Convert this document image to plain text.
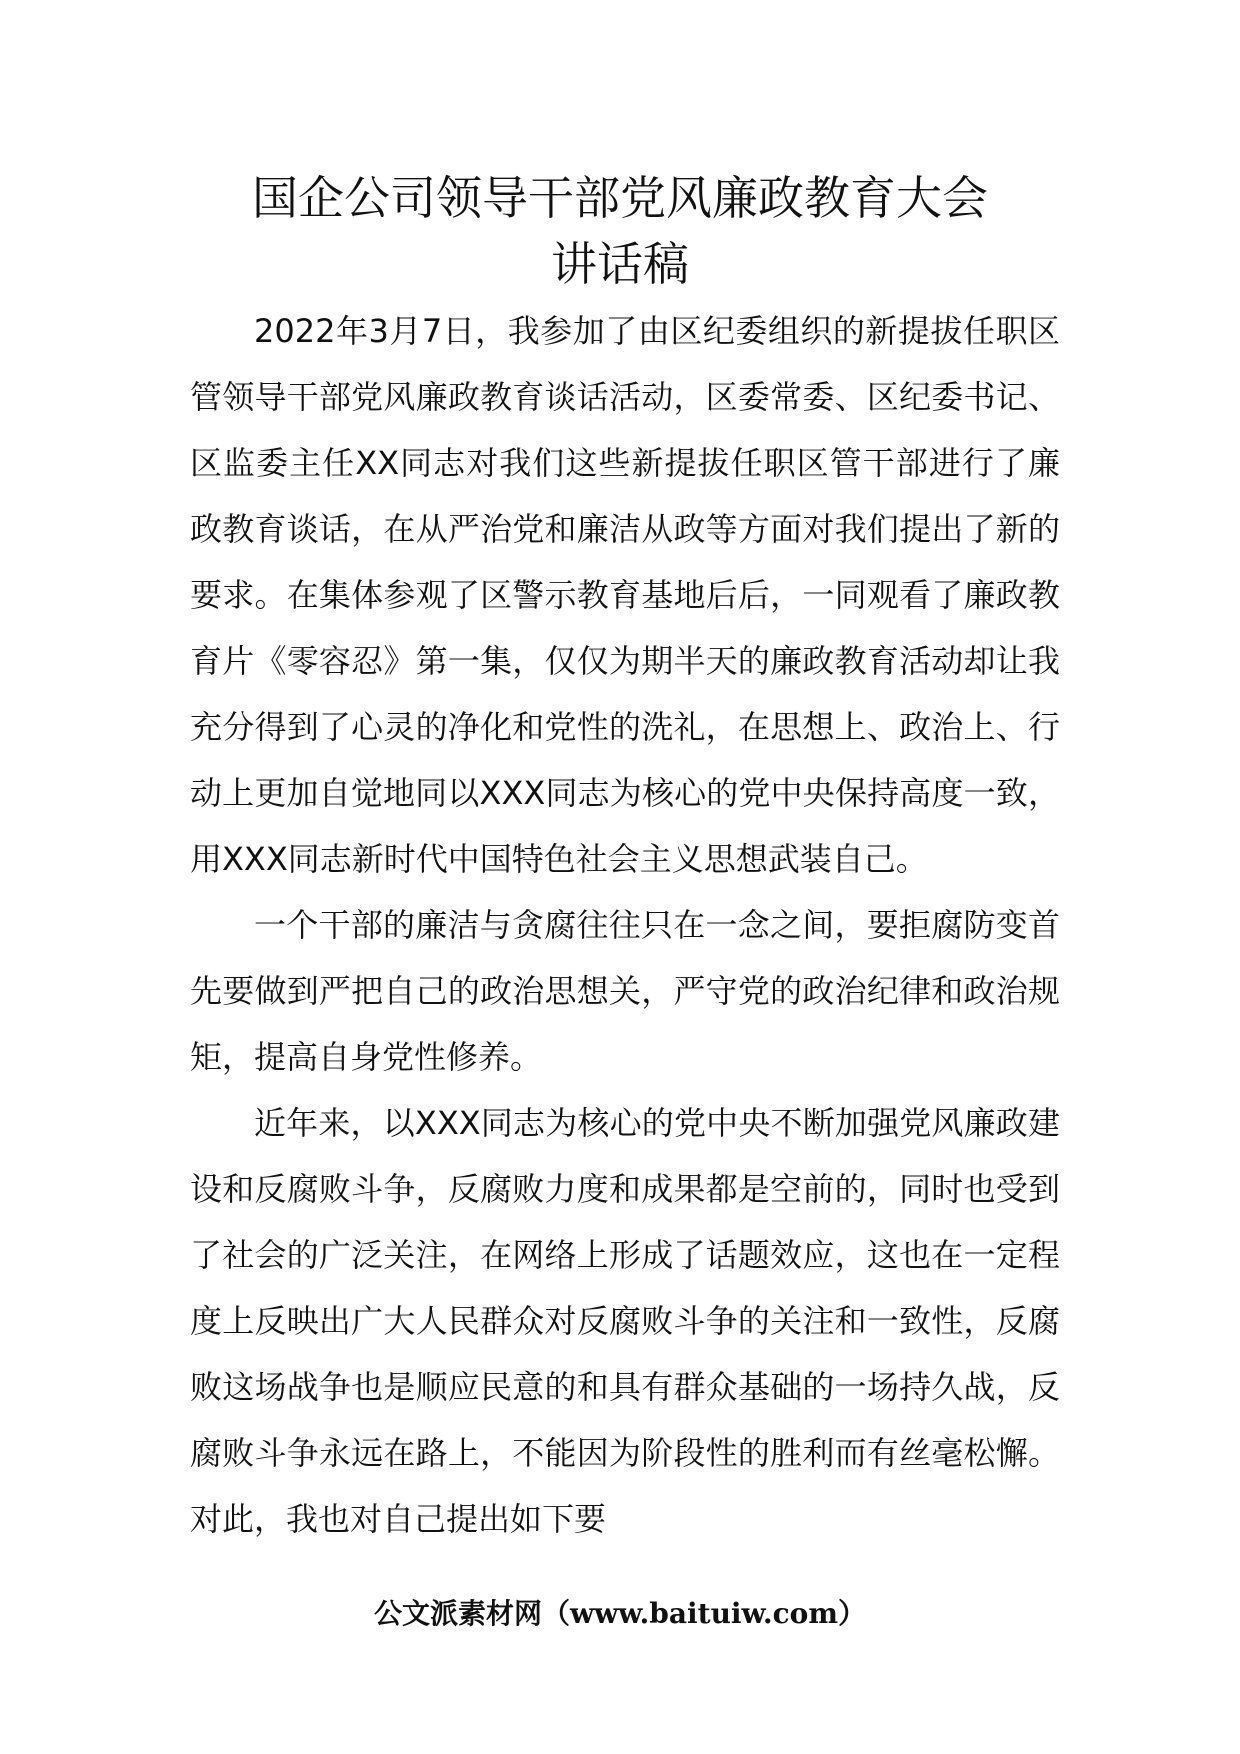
国企公司领导干部党风廉政教育大会
讲话稿

2022年3月7日，我参加了由区纪委组织的新提拔任职区管领导干部党风廉政教育谈话活动，区委常委、区纪委书记、区监委主任XX同志对我们这些新提拔任职区管干部进行了廉政教育谈话，在从严治党和廉洁从政等方面对我们提出了新的要求。在集体参观了区警示教育基地后后，一同观看了廉政教育片《零容忍》第一集，仅仅为期半天的廉政教育活动却让我充分得到了心灵的净化和党性的洗礼，在思想上、政治上、行动上更加自觉地同以XXX同志为核心的党中央保持高度一致，用XXX同志新时代中国特色社会主义思想武装自己。

一个干部的廉洁与贪腐往往只在一念之间，要拒腐防变首先要做到严把自己的政治思想关，严守党的政治纪律和政治规矩，提高自身党性修养。

近年来，以XXX同志为核心的党中央不断加强党风廉政建设和反腐败斗争，反腐败力度和成果都是空前的，同时也受到了社会的广泛关注，在网络上形成了话题效应，这也在一定程度上反映出广大人民群众对反腐败斗争的关注和一致性，反腐败这场战争也是顺应民意的和具有群众基础的一场持久战，反腐败斗争永远在路上，不能因为阶段性的胜利而有丝毫松懈。对此，我也对自己提出如下要

公文派素材网（www.baituiw.com）
